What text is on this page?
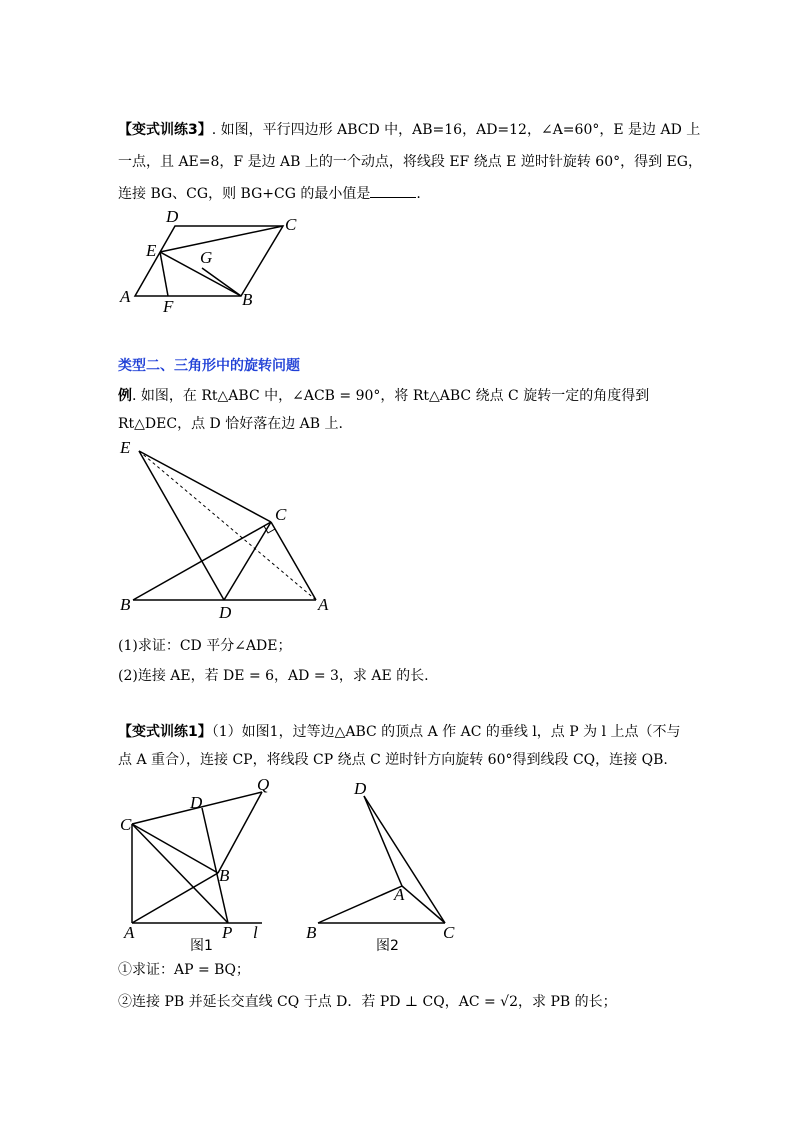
【变式训练3】. 如图，平行四边形 ABCD 中，AB=16，AD=12，∠A=60°，E 是边 AD 上
一点，且 AE=8，F 是边 AB 上的一个动点，将线段 EF 绕点 E 逆时针旋转 60°，得到 EG，
连接 BG、CG，则 BG+CG 的最小值是	.
D	C
E	G
A
F	B
E
C
B	D	A
D
Q
C
B
A	P l
图1
D
A
B	C
图2
类型二、三角形中的旋转问题
例. 如图，在 Rt△ABC 中，∠ACB = 90°，将 Rt△ABC 绕点 C 旋转一定的角度得到
Rt△DEC，点 D 恰好落在边 AB 上.
(1)求证：CD 平分∠ADE；
(2)连接 AE，若 DE = 6，AD = 3，求 AE 的长.
【变式训练1】（1）如图1，过等边△ABC 的顶点 A 作 AC 的垂线 l，点 P 为 l 上点（不与
点 A 重合），连接 CP，将线段 CP 绕点 C 逆时针方向旋转 60°得到线段 CQ，连接 QB.
①求证：AP = BQ；
②连接 PB 并延长交直线 CQ 于点 D．若 PD ⊥ CQ，AC = √2，求 PB 的长；
